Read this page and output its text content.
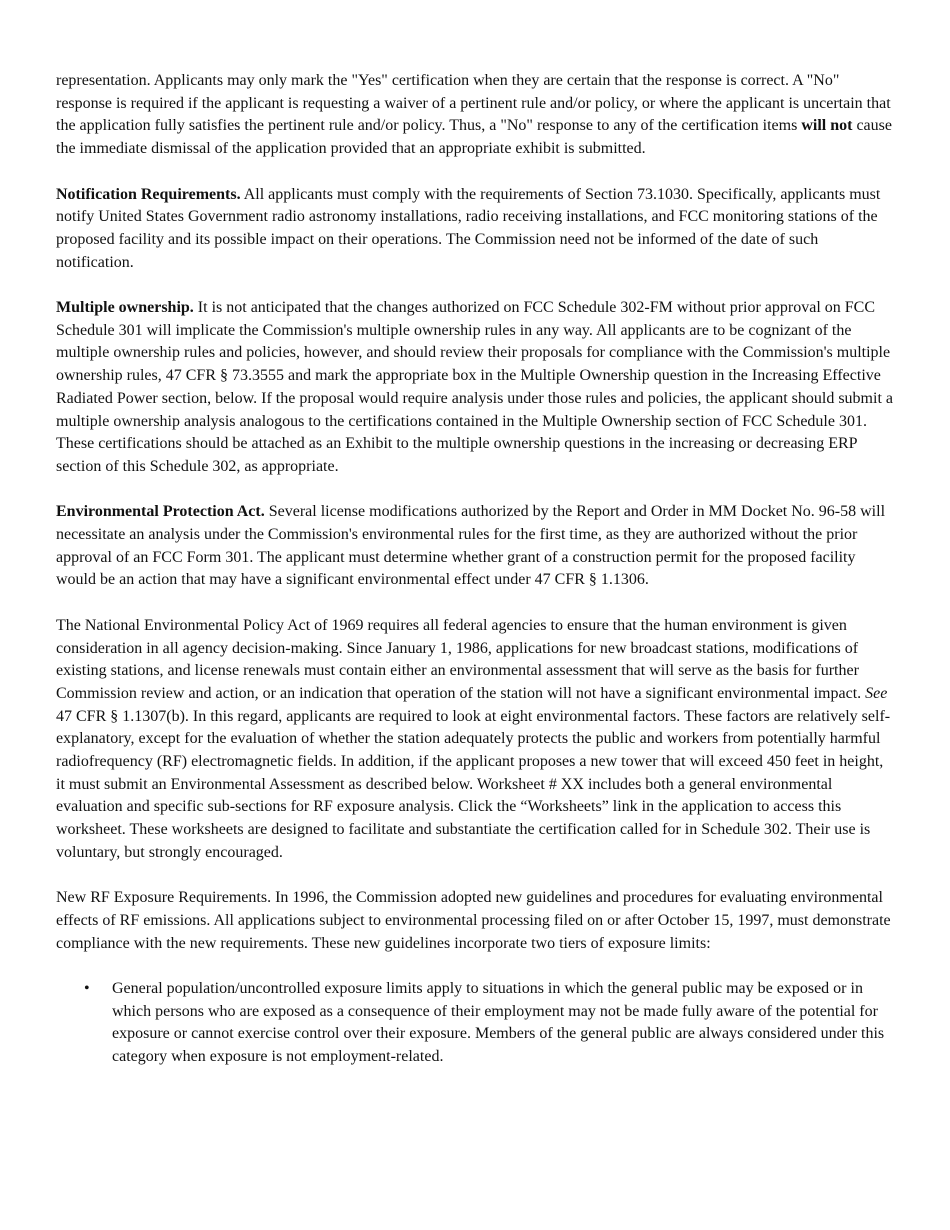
representation. Applicants may only mark the "Yes" certification when they are certain that the response is correct. A "No" response is required if the applicant is requesting a waiver of a pertinent rule and/or policy, or where the applicant is uncertain that the application fully satisfies the pertinent rule and/or policy. Thus, a "No" response to any of the certification items will not cause the immediate dismissal of the application provided that an appropriate exhibit is submitted.

Notification Requirements. All applicants must comply with the requirements of Section 73.1030. Specifically, applicants must notify United States Government radio astronomy installations, radio receiving installations, and FCC monitoring stations of the proposed facility and its possible impact on their operations. The Commission need not be informed of the date of such notification.

Multiple ownership. It is not anticipated that the changes authorized on FCC Schedule 302-FM without prior approval on FCC Schedule 301 will implicate the Commission's multiple ownership rules in any way. All applicants are to be cognizant of the multiple ownership rules and policies, however, and should review their proposals for compliance with the Commission's multiple ownership rules, 47 CFR § 73.3555 and mark the appropriate box in the Multiple Ownership question in the Increasing Effective Radiated Power section, below. If the proposal would require analysis under those rules and policies, the applicant should submit a multiple ownership analysis analogous to the certifications contained in the Multiple Ownership section of FCC Schedule 301. These certifications should be attached as an Exhibit to the multiple ownership questions in the increasing or decreasing ERP section of this Schedule 302, as appropriate.

Environmental Protection Act. Several license modifications authorized by the Report and Order in MM Docket No. 96-58 will necessitate an analysis under the Commission's environmental rules for the first time, as they are authorized without the prior approval of an FCC Form 301. The applicant must determine whether grant of a construction permit for the proposed facility would be an action that may have a significant environmental effect under 47 CFR § 1.1306.

The National Environmental Policy Act of 1969 requires all federal agencies to ensure that the human environment is given consideration in all agency decision-making. Since January 1, 1986, applications for new broadcast stations, modifications of existing stations, and license renewals must contain either an environmental assessment that will serve as the basis for further Commission review and action, or an indication that operation of the station will not have a significant environmental impact. See 47 CFR § 1.1307(b). In this regard, applicants are required to look at eight environmental factors. These factors are relatively self-explanatory, except for the evaluation of whether the station adequately protects the public and workers from potentially harmful radiofrequency (RF) electromagnetic fields. In addition, if the applicant proposes a new tower that will exceed 450 feet in height, it must submit an Environmental Assessment as described below. Worksheet # XX includes both a general environmental evaluation and specific sub-sections for RF exposure analysis. Click the “Worksheets” link in the application to access this worksheet. These worksheets are designed to facilitate and substantiate the certification called for in Schedule 302. Their use is voluntary, but strongly encouraged.

New RF Exposure Requirements. In 1996, the Commission adopted new guidelines and procedures for evaluating environmental effects of RF emissions. All applications subject to environmental processing filed on or after October 15, 1997, must demonstrate compliance with the new requirements. These new guidelines incorporate two tiers of exposure limits:

• General population/uncontrolled exposure limits apply to situations in which the general public may be exposed or in which persons who are exposed as a consequence of their employment may not be made fully aware of the potential for exposure or cannot exercise control over their exposure. Members of the general public are always considered under this category when exposure is not employment-related.
